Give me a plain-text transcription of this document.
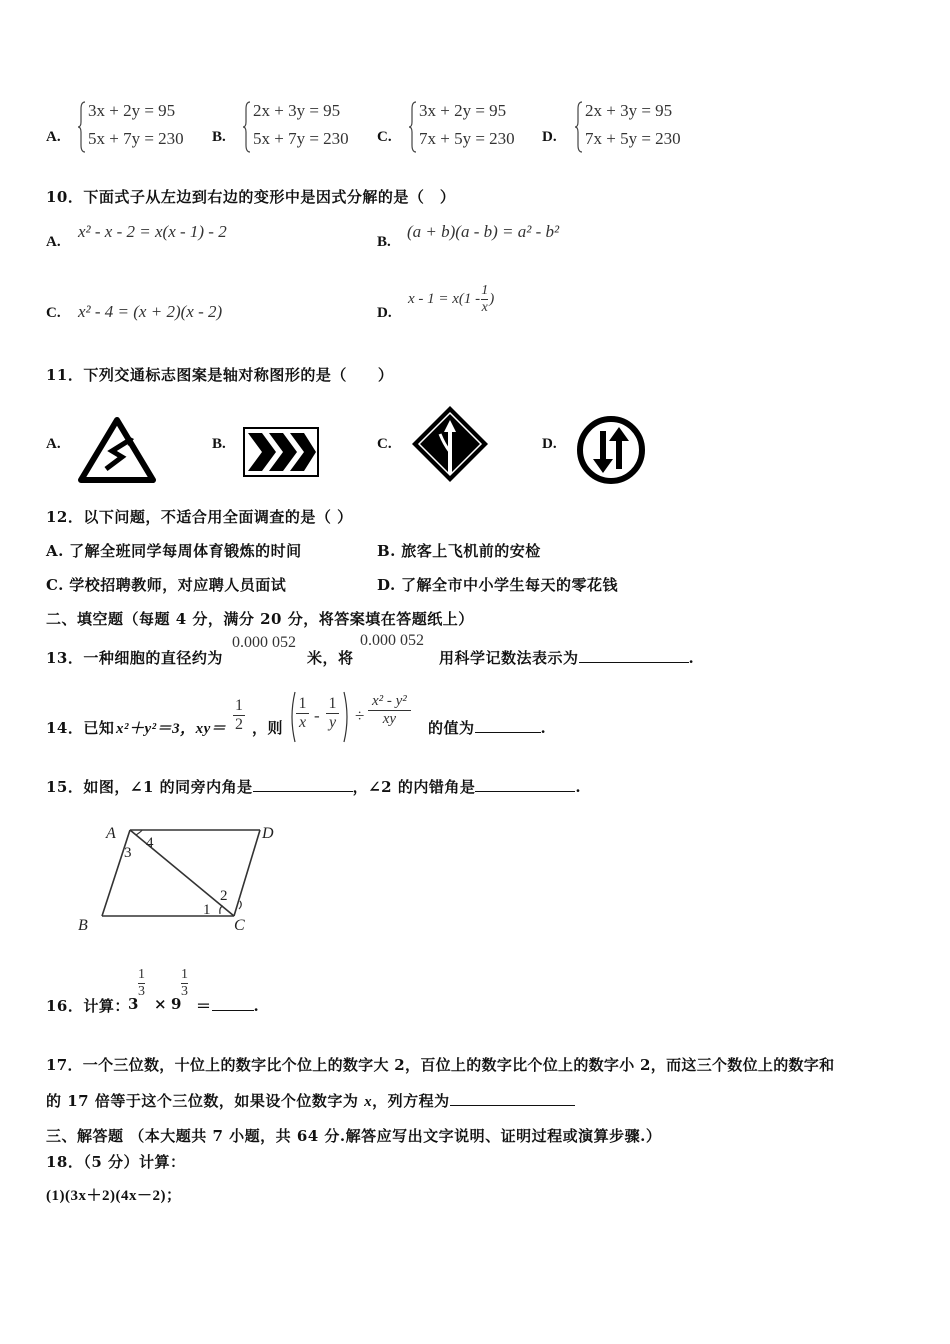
A.
3x + 2y = 95
5x + 7y = 230 B.
2x + 3y = 95
5x + 7y = 230 C.
3x + 2y = 95
7x + 5y = 230 D.
2x + 3y = 95
7x + 5y = 230
10．下面式子从左边到右边的变形中是因式分解的是（　）
A.
x² - x - 2 = x(x - 1) - 2
B.
(a + b)(a - b) = a² - b²
C. x² - 4 = (x + 2)(x - 2)	D.
$x - 1 = x(1 - \frac{1}{x}$ )
11．下列交通标志图案是轴对称图形的是（　　）
A.	B.	C.	D.
12．以下问题，不适合用全面调查的是（ ）
A. 了解全班同学每周体育锻炼的时间	B. 旅客上飞机前的安检
C. 学校招聘教师，对应聘人员面试	D. 了解全市中小学生每天的零花钱
二、填空题（每题 4 分，满分 20 分，将答案填在答题纸上）
13．一种细胞的直径约为
0.000 052
米，将
0.000 052
用科学记数法表示为	.
14．已知 x²＋y²＝3，$xy= \frac{1}{2}$ ，则 $\frac{1}{x} - \frac{1}{y} \div \frac{\text{x² - y²}}{xy}$ 的值为	.
15．如图，∠1 的同旁内角是	，∠2 的内错角是	.
A	D
B	C
1
2
3
4
16．计算：
3
$\frac{1}{3}$
× 9
$\frac{1}{3}$
＝	.
17．一个三位数，十位上的数字比个位上的数字大 2，百位上的数字比个位上的数字小 2，而这三个数位上的数字和
的 17 倍等于这个三位数，如果设个位数字为 x，列方程为
三、解答题 （本大题共 7 小题，共 64 分.解答应写出文字说明、证明过程或演算步骤.）
18．（5 分）计算：
(1)(3x＋2)(4x－2)；
